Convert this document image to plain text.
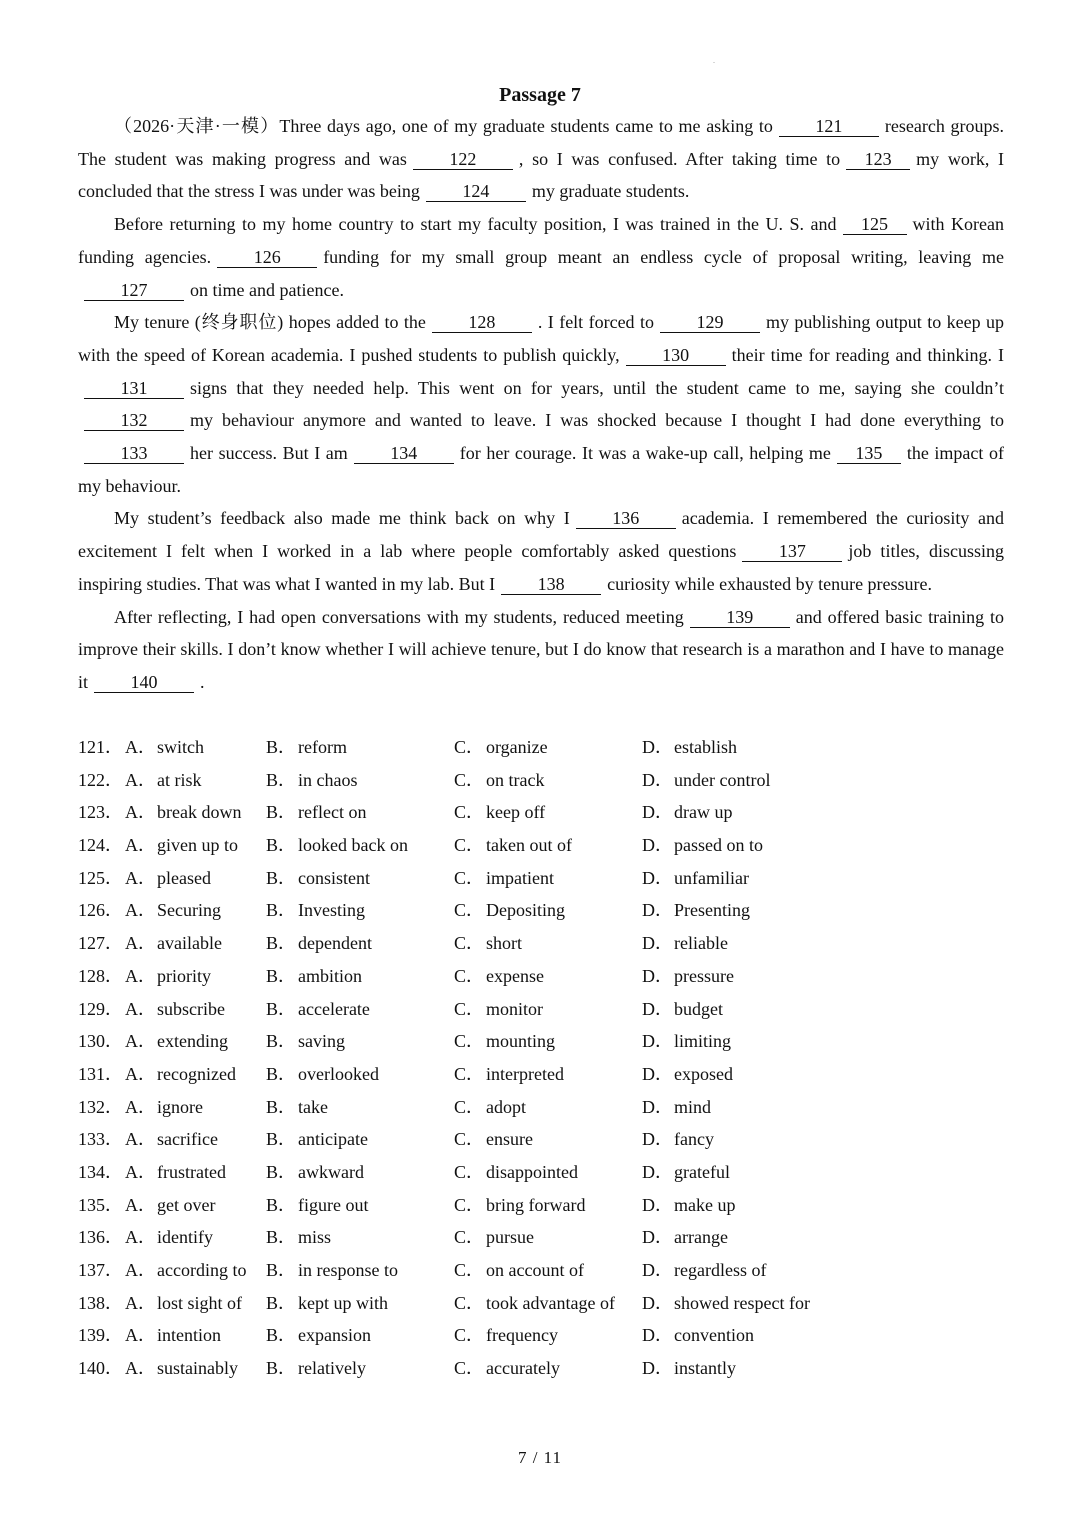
.
Passage 7

（2026·天津·一模）Three days ago, one of my graduate students came to me asking to 121 research groups. The student was making progress and was 122 , so I was confused. After taking time to 123 my work, I concluded that the stress I was under was being 124 my graduate students.

Before returning to my home country to start my faculty position, I was trained in the U. S. and 125 with Korean funding agencies. 126 funding for my small group meant an endless cycle of proposal writing, leaving me127 on time and patience.

My tenure (终身职位) hopes added to the 128 . I felt forced to 129 my publishing output to keep up with the speed of Korean academia. I pushed students to publish quickly, 130 their time for reading and thinking. I131 signs that they needed help. This went on for years, until the student came to me, saying she couldn’t132 my behaviour anymore and wanted to leave. I was shocked because I thought I had done everything to133 her success. But I am 134 for her courage. It was a wake-up call, helping me 135 the impact of my behaviour.

My student’s feedback also made me think back on why I 136 academia. I remembered the curiosity and excitement I felt when I worked in a lab where people comfortably asked questions 137 job titles, discussing inspiring studies. That was what I wanted in my lab. But I 138 curiosity while exhausted by tenure pressure.

After reflecting, I had open conversations with my students, reduced meeting 139 and offered basic training to improve their skills. I don’t know whether I will achieve tenure, but I do know that research is a marathon and I have to manage it 140 .

121． A． switch	B． reform	C． organize	D． establish
122． A． at risk	B． in chaos	C． on track	D． under control
123． A． break down B． reflect on	C． keep off	D． draw up
124． A． given up to B． looked back on	C． taken out of	D． passed on to
125． A． pleased	B． consistent	C． impatient	D． unfamiliar
126． A． Securing	B． Investing	C． Depositing	D． Presenting
127． A． available B． dependent	C． short	D． reliable
128． A． priority	B． ambition	C． expense	D． pressure
129． A． subscribe B． accelerate	C． monitor	D． budget
130． A． extending B． saving	C． mounting	D． limiting
131． A． recognized B． overlooked	C． interpreted	D． exposed
132． A． ignore	B． take	C． adopt	D． mind
133． A． sacrifice	B． anticipate	C． ensure	D． fancy
134． A． frustrated B． awkward	C． disappointed	D． grateful
135． A． get over	B． figure out	C． bring forward	D． make up
136． A． identify	B． miss	C． pursue	D． arrange
137． A． according to B． in response to	C． on account of	D． regardless of
138． A． lost sight of B． kept up with	C． took advantage of D． showed respect for
139． A． intention	B． expansion	C． frequency	D． convention
140． A． sustainably B． relatively	C． accurately	D． instantly
7 / 11
